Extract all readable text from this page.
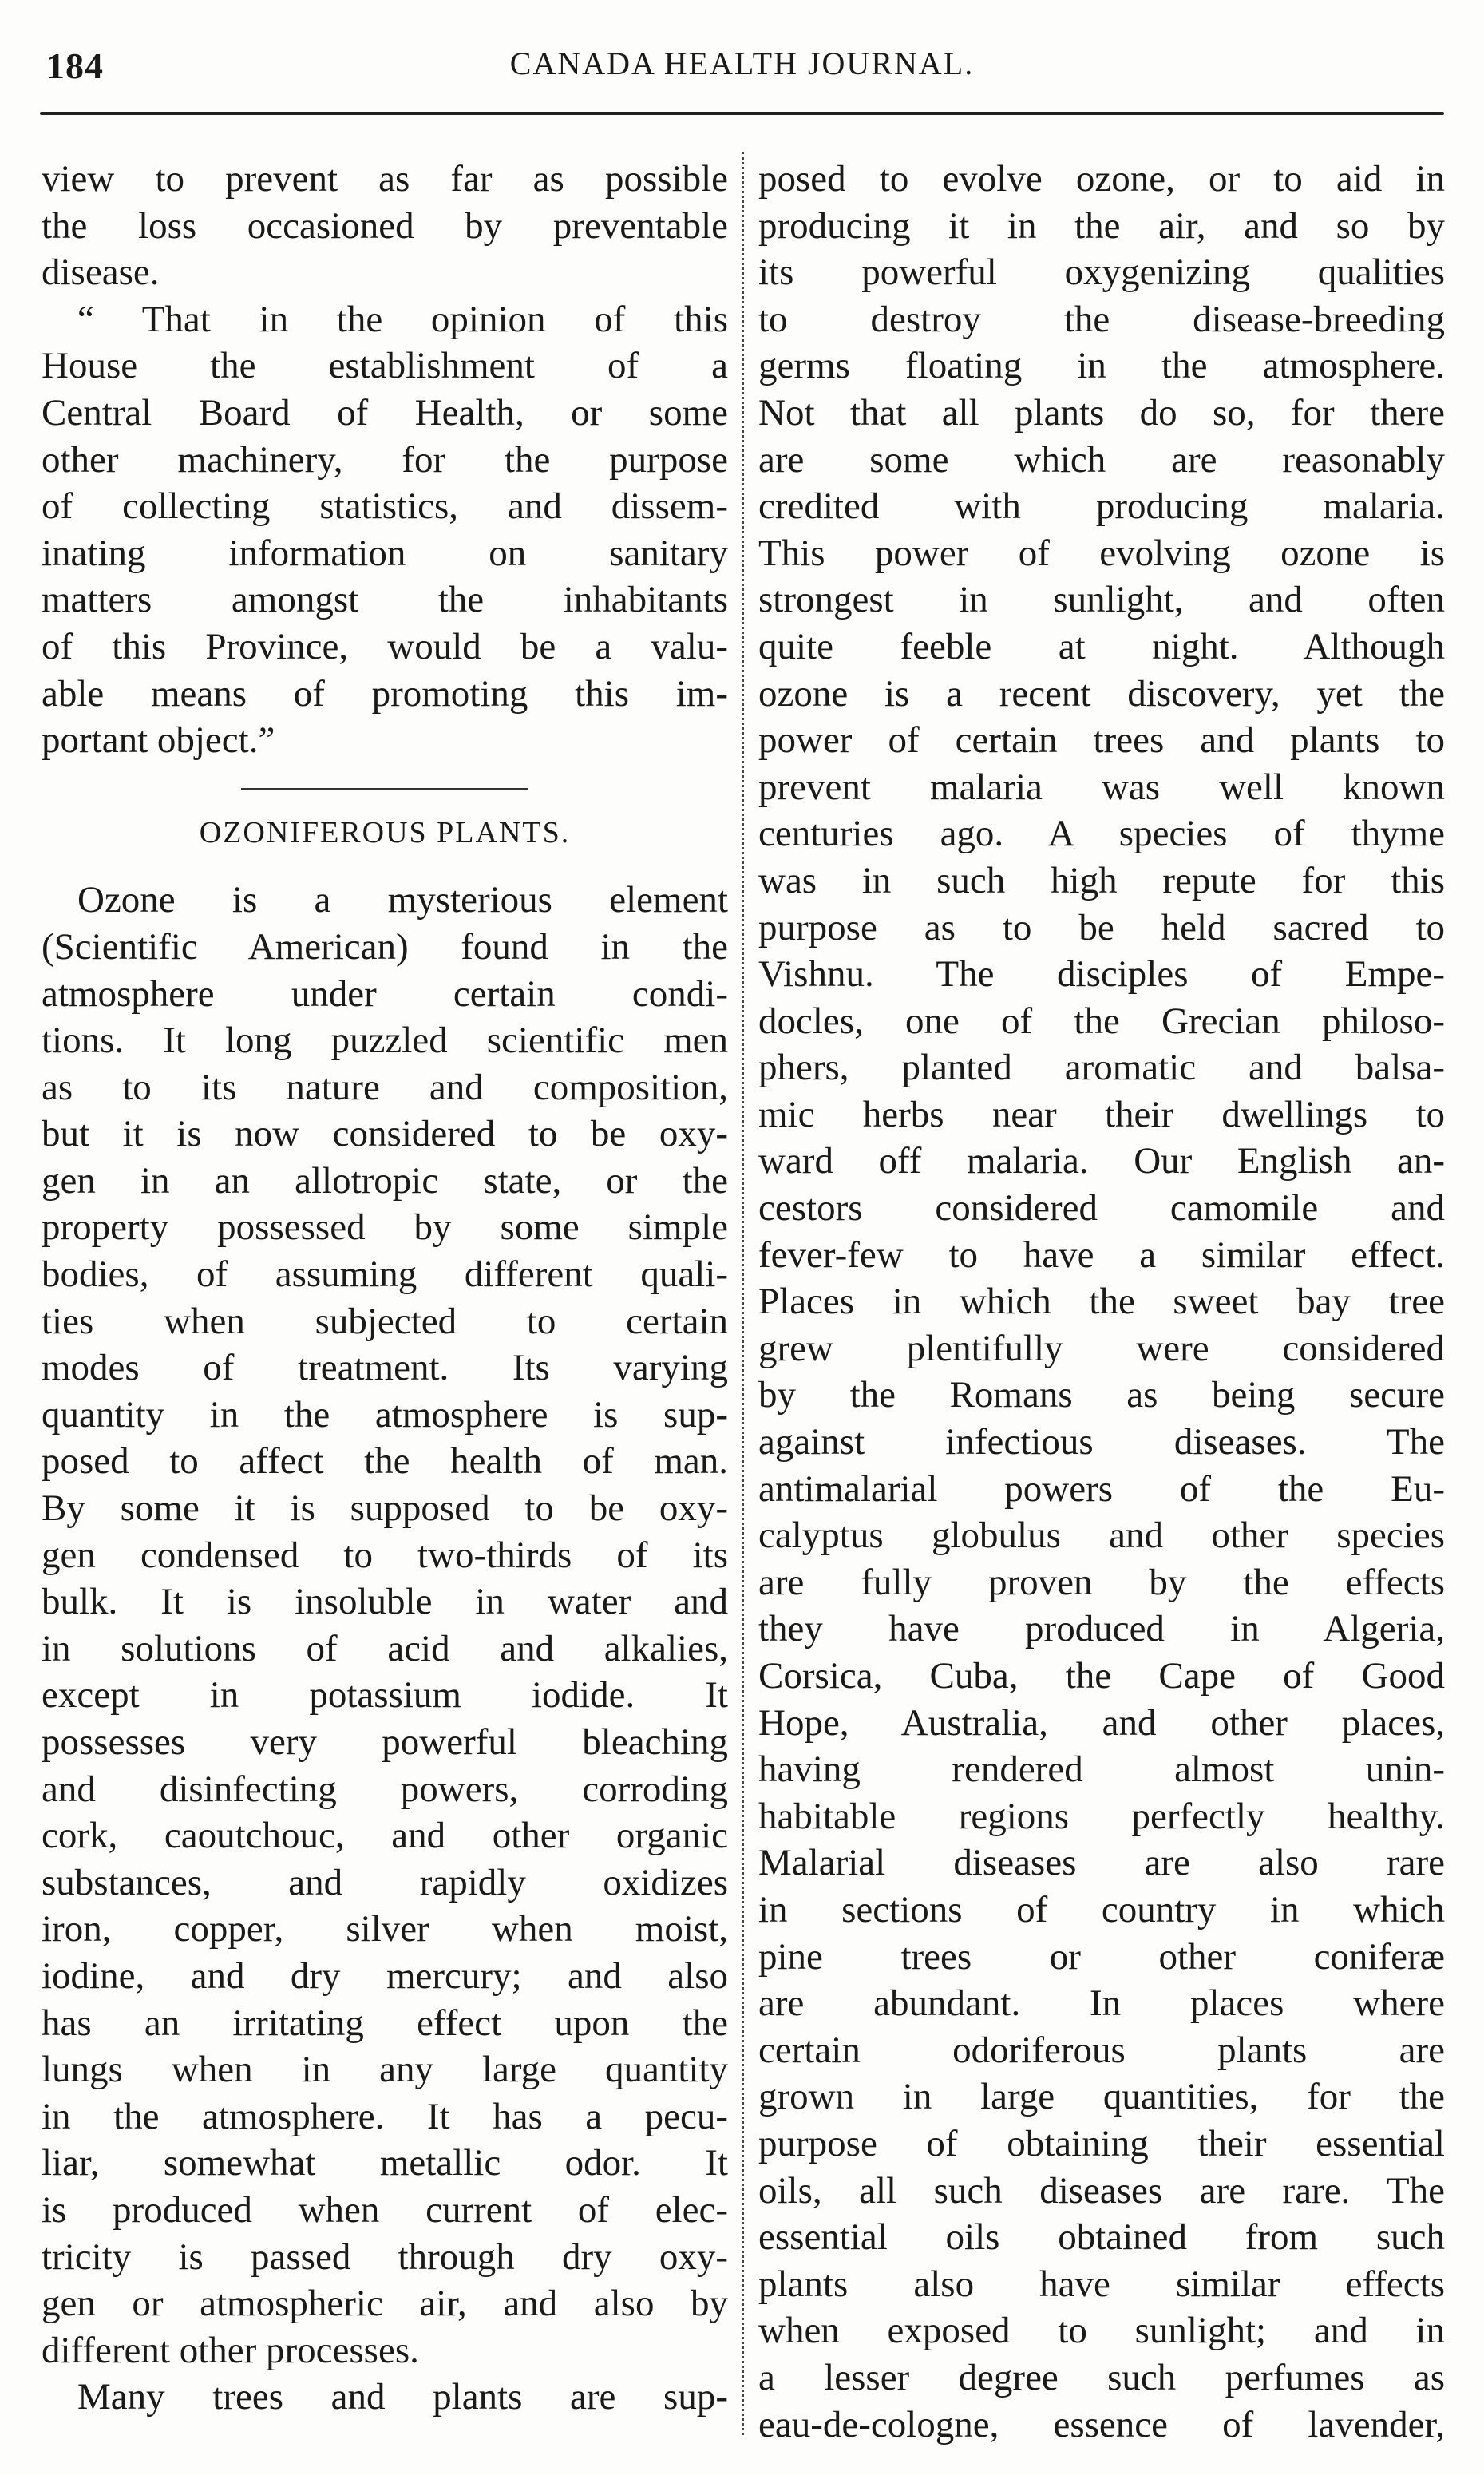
184	CANADA HEALTH JOURNAL.
view to prevent as far as possible
the loss occasioned by preventable
disease.
“ That in the opinion of this
House the establishment of a
Central Board of Health, or some
other machinery, for the purpose
of collecting statistics, and dissem-
inating information on sanitary
matters amongst the inhabitants
of this Province, would be a valu-
able means of promoting this im-
portant object.”
OZONIFEROUS PLANTS.
Ozone is a mysterious element
(Scientific American) found in the
atmosphere under certain condi-
tions. It long puzzled scientific men
as to its nature and composition,
but it is now considered to be oxy-
gen in an allotropic state, or the
property possessed by some simple
bodies, of assuming different quali-
ties when subjected to certain
modes of treatment. Its varying
quantity in the atmosphere is sup-
posed to affect the health of man.
By some it is supposed to be oxy-
gen condensed to two-thirds of its
bulk. It is insoluble in water and
in solutions of acid and alkalies,
except in potassium iodide. It
possesses very powerful bleaching
and disinfecting powers, corroding
cork, caoutchouc, and other organic
substances, and rapidly oxidizes
iron, copper, silver when moist,
iodine, and dry mercury; and also
has an irritating effect upon the
lungs when in any large quantity
in the atmosphere. It has a pecu-
liar, somewhat metallic odor. It
is produced when current of elec-
tricity is passed through dry oxy-
gen or atmospheric air, and also by
different other processes.
Many trees and plants are sup-
posed to evolve ozone, or to aid in
producing it in the air, and so by
its powerful oxygenizing qualities
to destroy the disease-breeding
germs floating in the atmosphere.
Not that all plants do so, for there
are some which are reasonably
credited with producing malaria.
This power of evolving ozone is
strongest in sunlight, and often
quite feeble at night. Although
ozone is a recent discovery, yet the
power of certain trees and plants to
prevent malaria was well known
centuries ago. A species of thyme
was in such high repute for this
purpose as to be held sacred to
Vishnu. The disciples of Empe-
docles, one of the Grecian philoso-
phers, planted aromatic and balsa-
mic herbs near their dwellings to
ward off malaria. Our English an-
cestors considered camomile and
fever-few to have a similar effect.
Places in which the sweet bay tree
grew plentifully were considered
by the Romans as being secure
against infectious diseases. The
antimalarial powers of the Eu-
calyptus globulus and other species
are fully proven by the effects
they have produced in Algeria,
Corsica, Cuba, the Cape of Good
Hope, Australia, and other places,
having rendered almost unin-
habitable regions perfectly healthy.
Malarial diseases are also rare
in sections of country in which
pine trees or other coniferæ
are abundant. In places where
certain odoriferous plants are
grown in large quantities, for the
purpose of obtaining their essential
oils, all such diseases are rare. The
essential oils obtained from such
plants also have similar effects
when exposed to sunlight; and in
a lesser degree such perfumes as
eau-de-cologne, essence of lavender,
